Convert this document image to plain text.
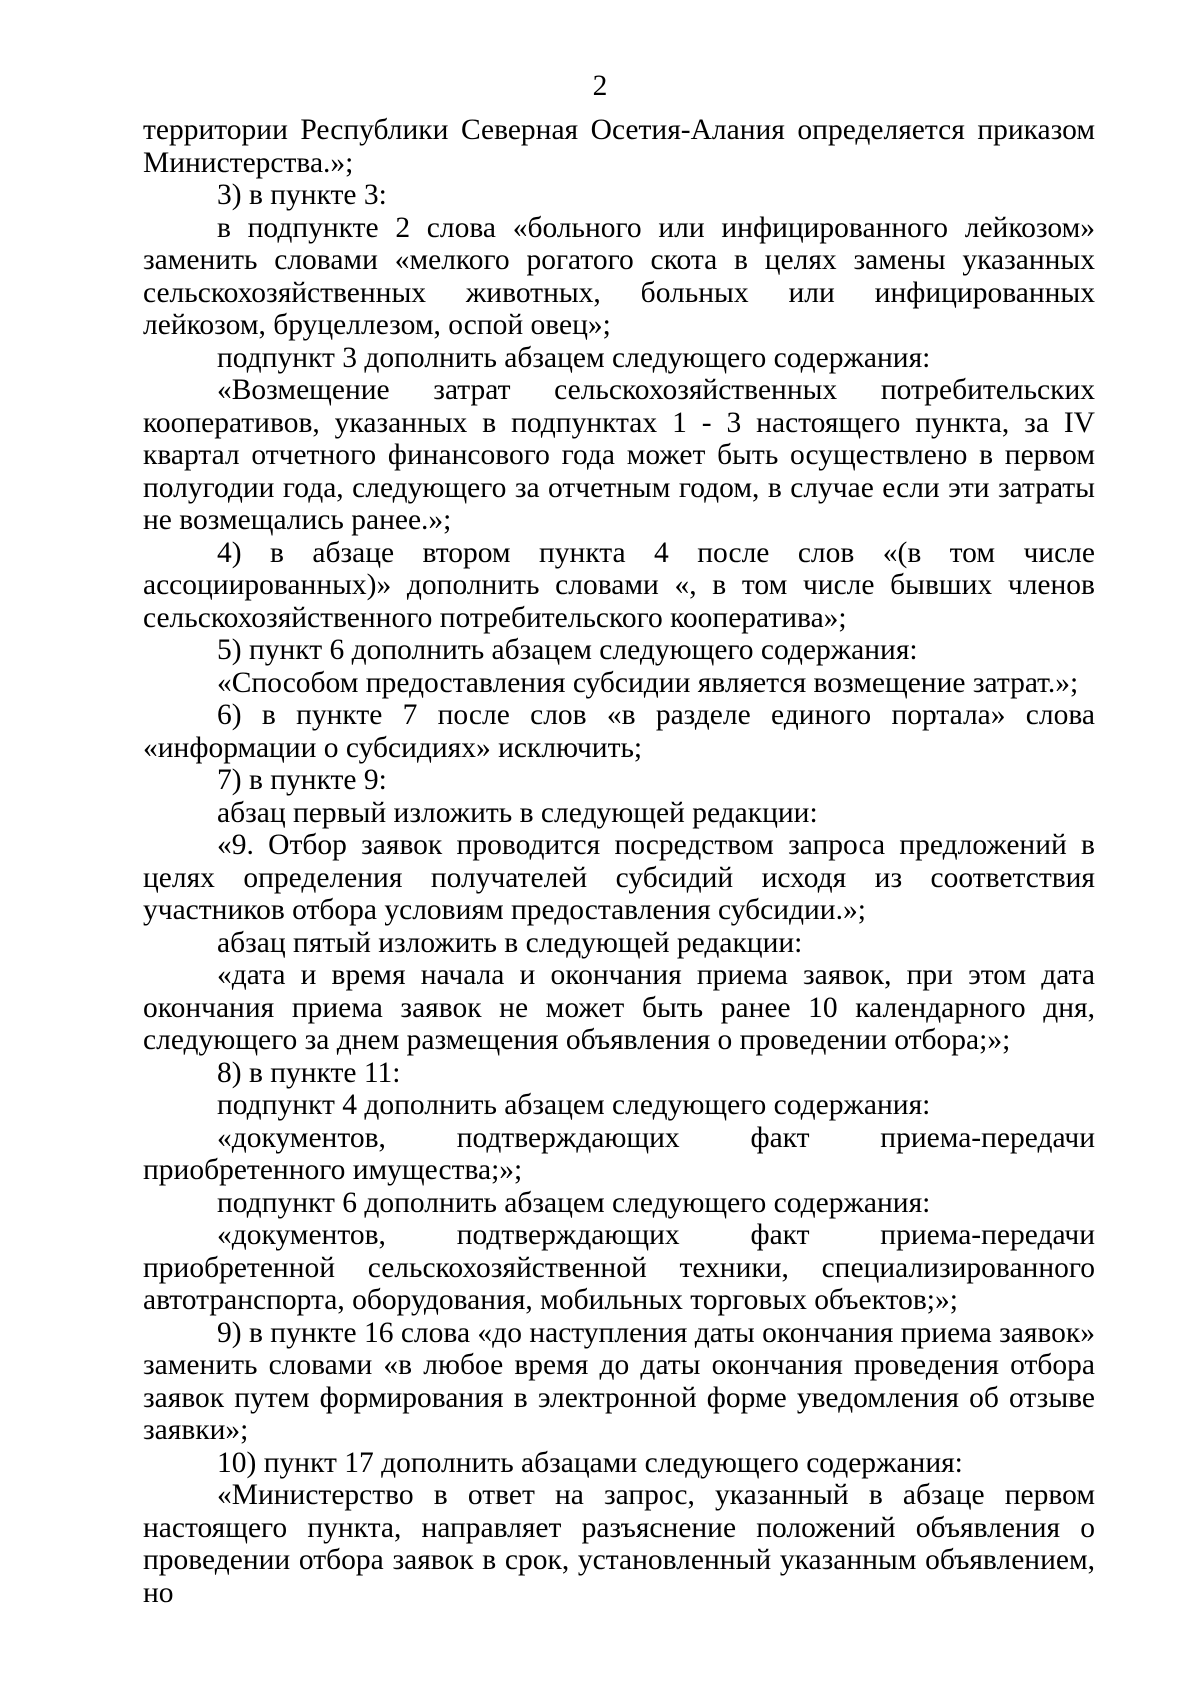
2

территории Республики Северная Осетия-Алания определяется приказом Министерства.»;

3) в пункте 3:

в подпункте 2 слова «больного или инфицированного лейкозом» заменить словами «мелкого рогатого скота в целях замены указанных сельскохозяйственных животных, больных или инфицированных лейкозом, бруцеллезом, оспой овец»;

подпункт 3 дополнить абзацем следующего содержания:

«Возмещение затрат сельскохозяйственных потребительских кооперативов, указанных в подпунктах 1 - 3 настоящего пункта, за IV квартал отчетного финансового года может быть осуществлено в первом полугодии года, следующего за отчетным годом, в случае если эти затраты не возмещались ранее.»;

4) в абзаце втором пункта 4 после слов «(в том числе ассоциированных)» дополнить словами «, в том числе бывших членов сельскохозяйственного потребительского кооператива»;

5) пункт 6 дополнить абзацем следующего содержания:

«Способом предоставления субсидии является возмещение затрат.»;

6) в пункте 7 после слов «в разделе единого портала» слова «информации о субсидиях» исключить;

7) в пункте 9:

абзац первый изложить в следующей редакции:

«9. Отбор заявок проводится посредством запроса предложений в целях определения получателей субсидий исходя из соответствия участников отбора условиям предоставления субсидии.»;

абзац пятый изложить в следующей редакции:

«дата и время начала и окончания приема заявок, при этом дата окончания приема заявок не может быть ранее 10 календарного дня, следующего за днем размещения объявления о проведении отбора;»;

8) в пункте 11:

подпункт 4 дополнить абзацем следующего содержания:

«документов, подтверждающих факт приема-передачи приобретенного имущества;»;

подпункт 6 дополнить абзацем следующего содержания:

«документов, подтверждающих факт приема-передачи приобретенной сельскохозяйственной техники, специализированного автотранспорта, оборудования, мобильных торговых объектов;»;

9) в пункте 16 слова «до наступления даты окончания приема заявок» заменить словами «в любое время до даты окончания проведения отбора заявок путем формирования в электронной форме уведомления об отзыве заявки»;

10) пункт 17 дополнить абзацами следующего содержания:

«Министерство в ответ на запрос, указанный в абзаце первом настоящего пункта, направляет разъяснение положений объявления о проведении отбора заявок в срок, установленный указанным объявлением, но
